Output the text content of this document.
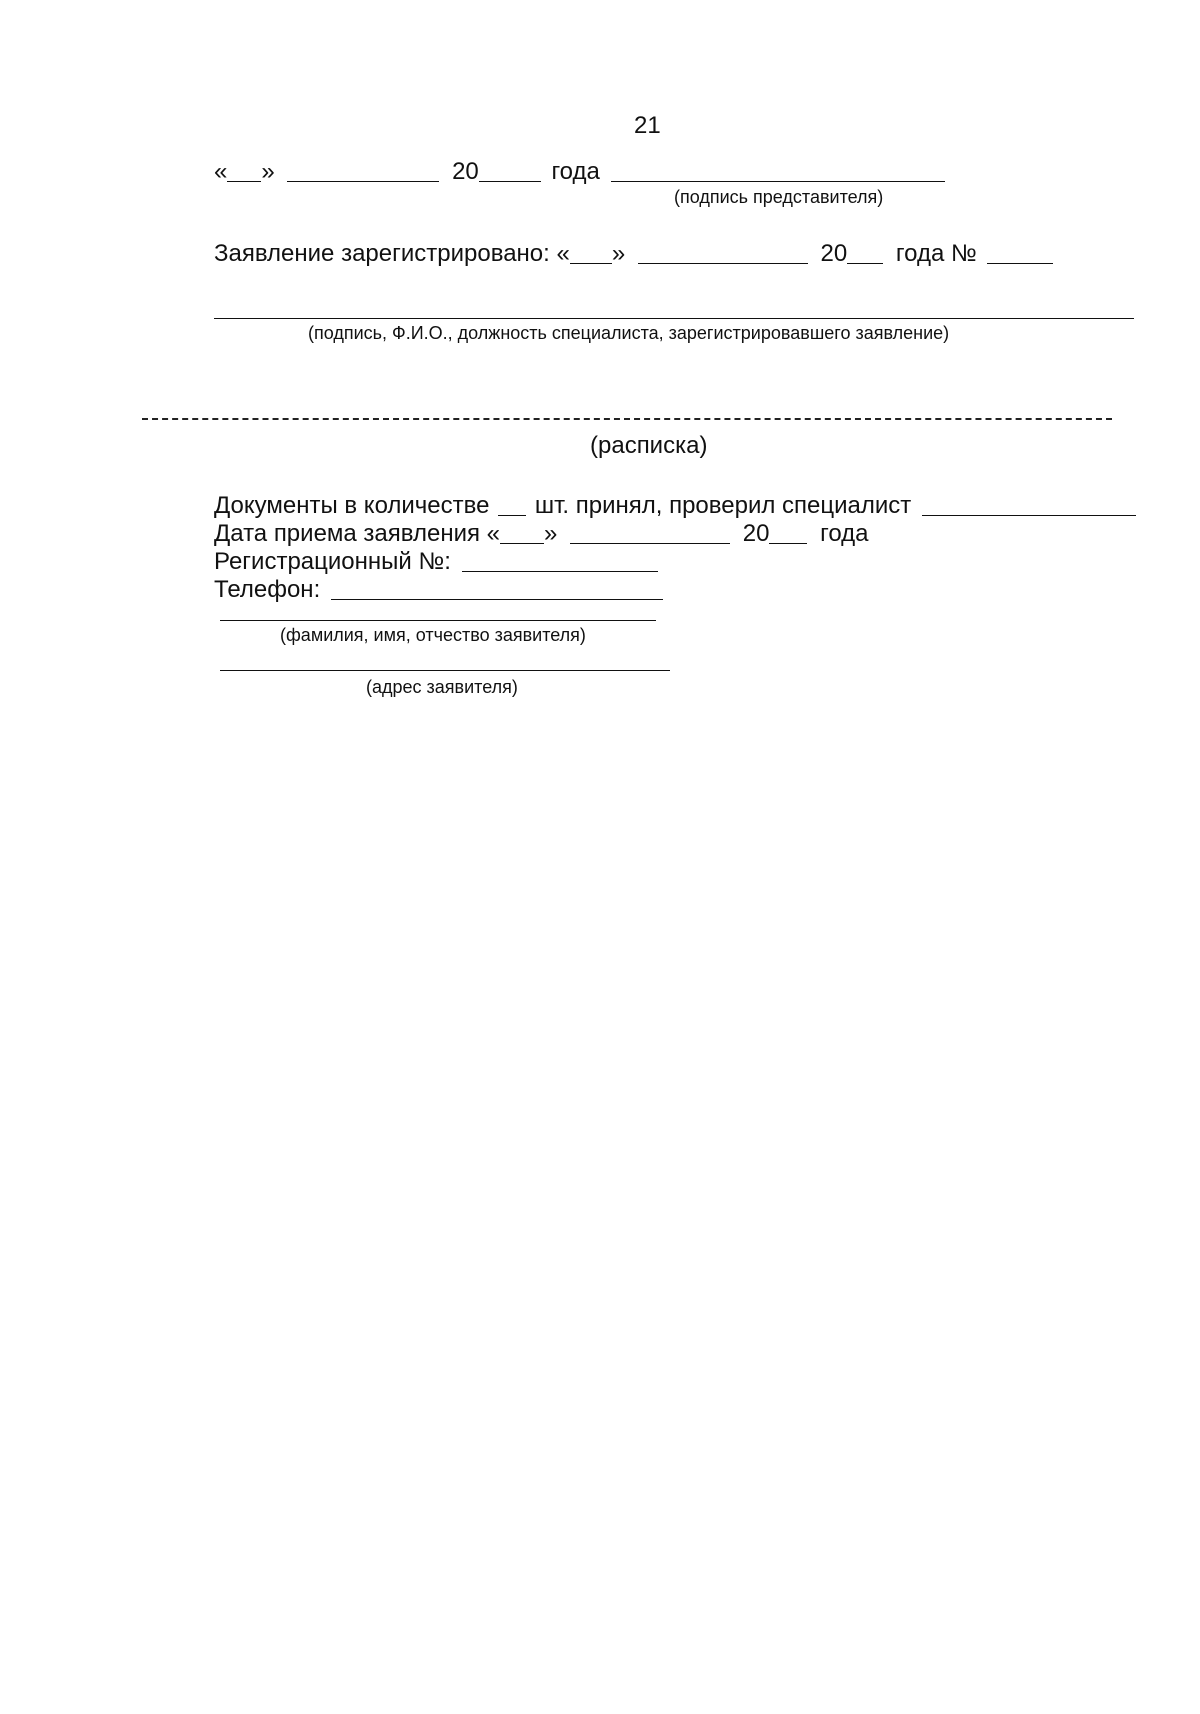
21
« »	20	года
(подпись представителя)
Заявление зарегистрировано: « »	20 года №
(подпись, Ф.И.О., должность специалиста, зарегистрировавшего заявление)
(расписка)
Документы в количестве шт. принял, проверил специалист
Дата приема заявления « »	20 года
Регистрационный №:
Телефон:
(фамилия, имя, отчество заявителя)
(адрес заявителя)
